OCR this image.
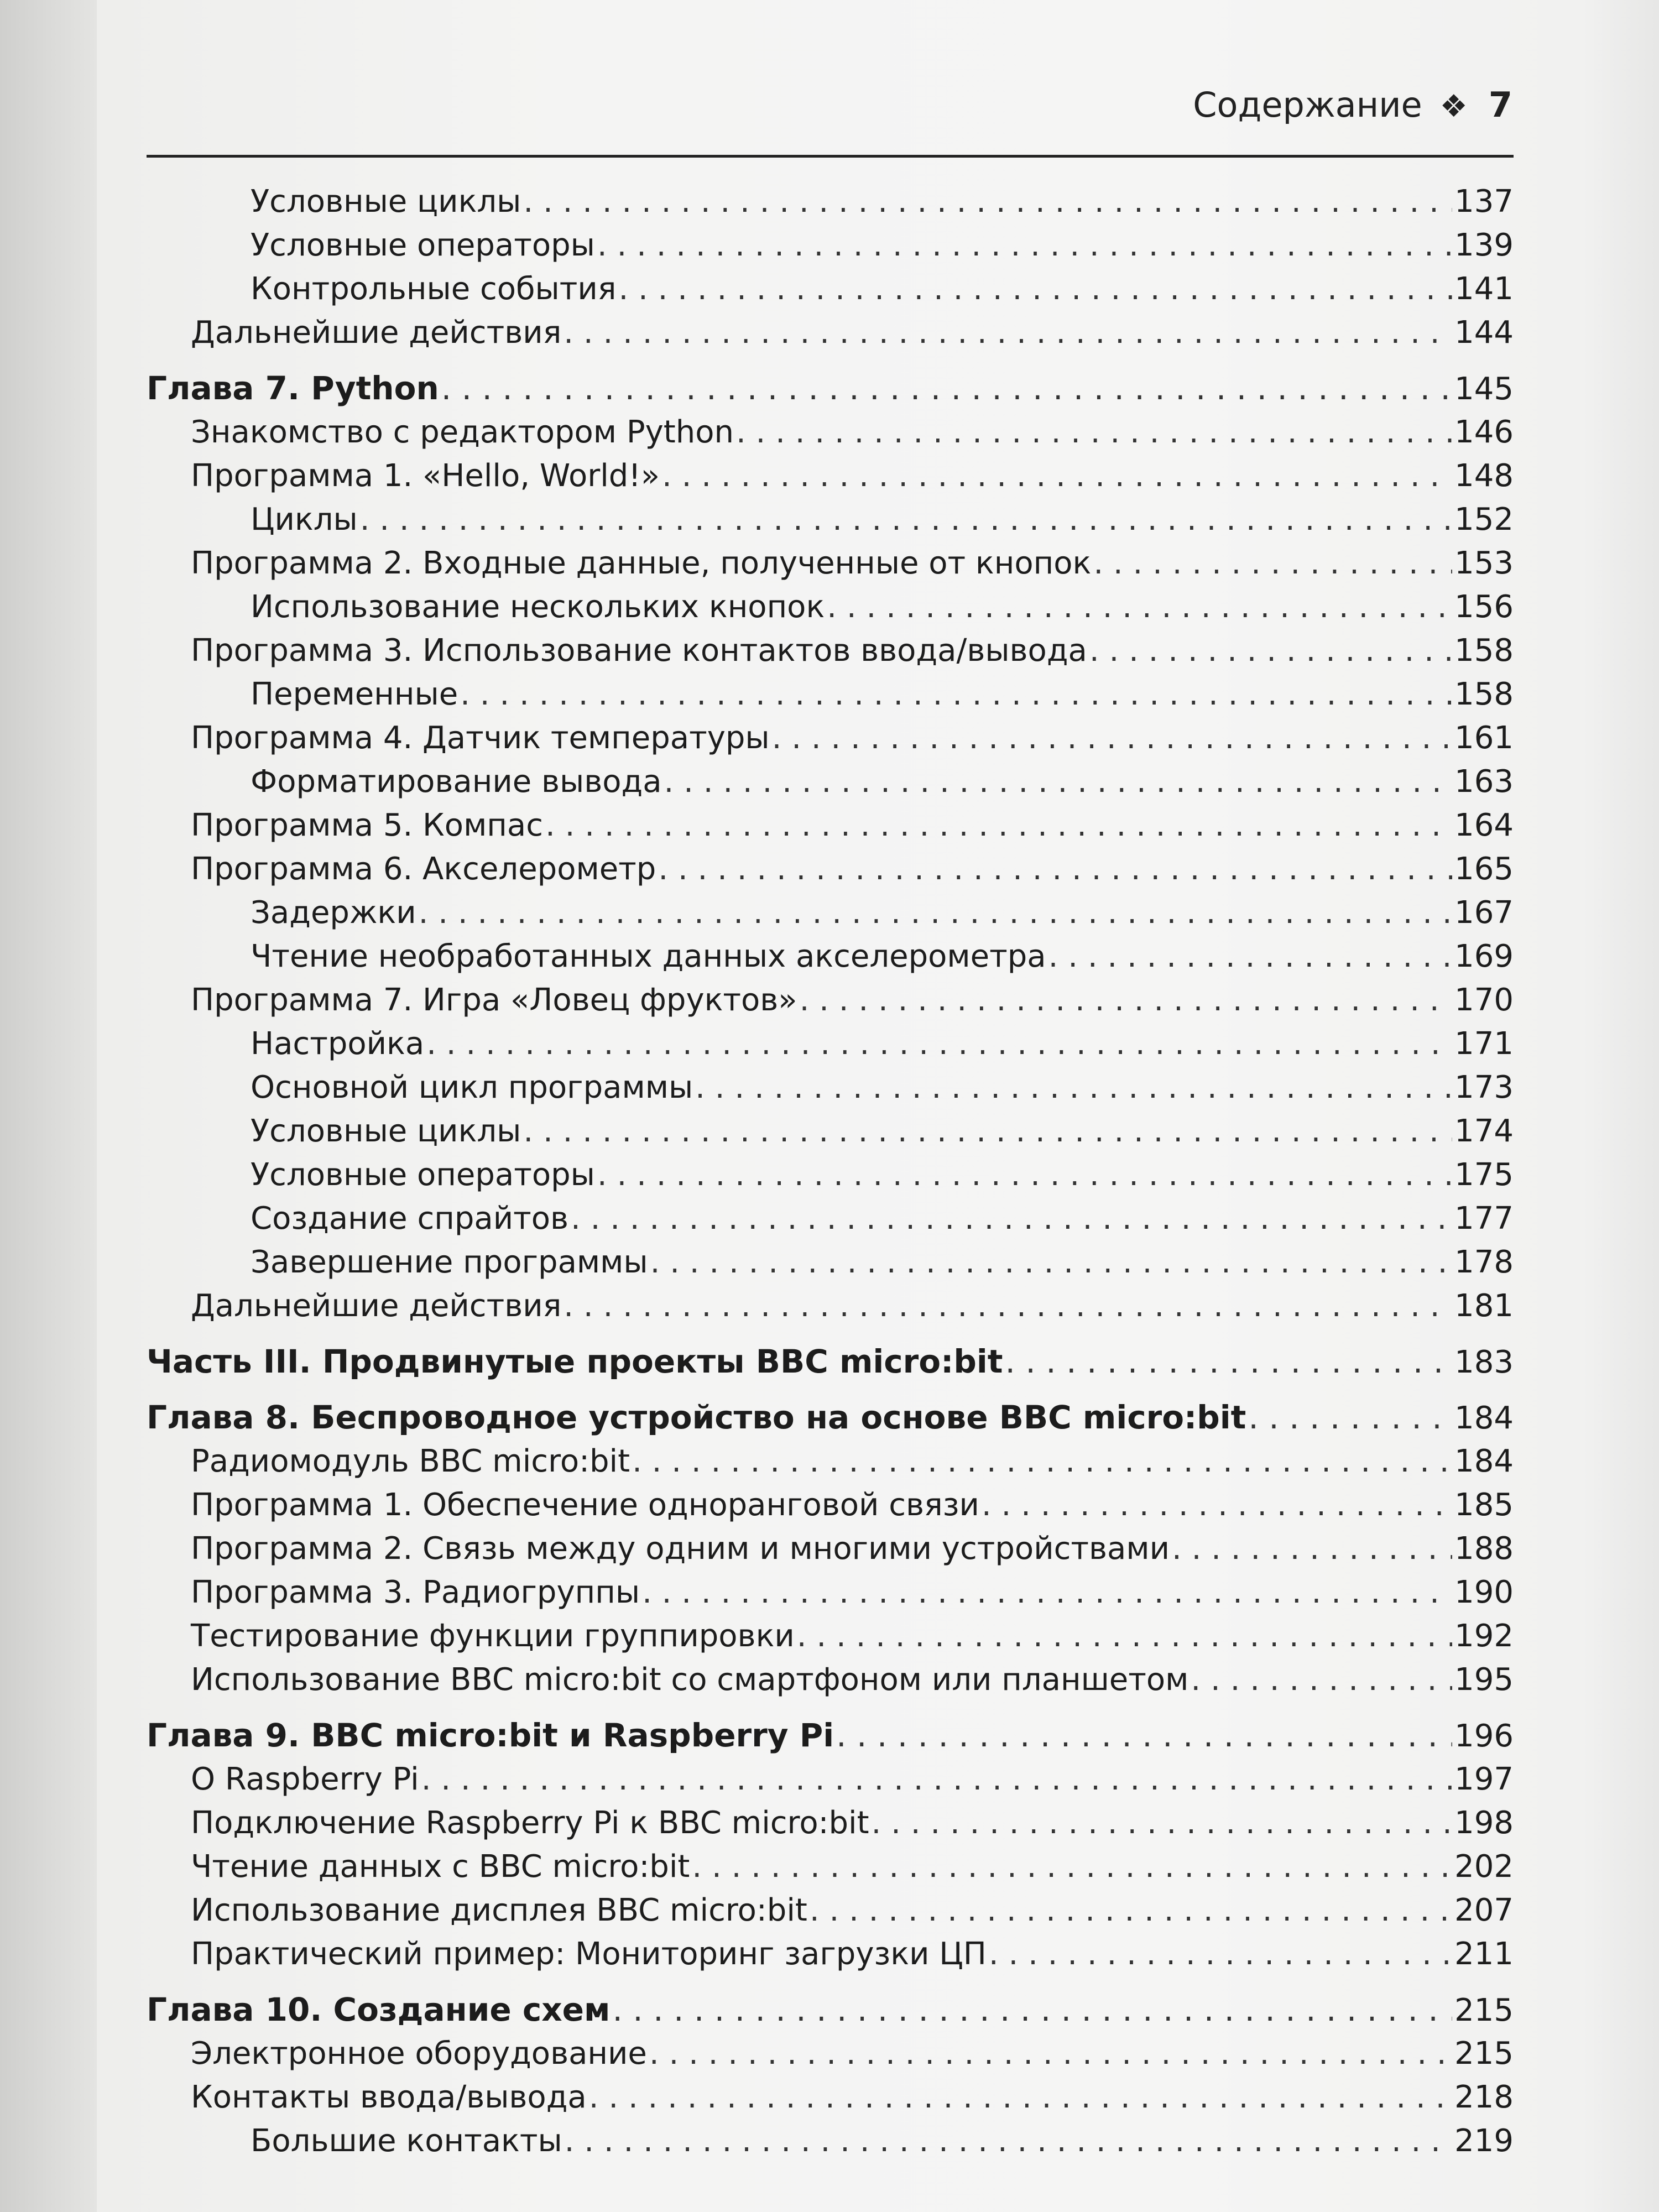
Содержание ❖ 7
Условные циклы . . .	137
Условные операторы . . .	139
Контрольные события . . .	141
Дальнейшие действия . . .	144
Глава 7. Python . . .	145
Знакомство с редактором Python . . .	146
Программа 1. «Hello, World!» . . .	148
Циклы . . .	152
Программа 2. Входные данные, полученные от кнопок . . .	153
Использование нескольких кнопок . . .	156
Программа 3. Использование контактов ввода/вывода . . .	158
Переменные . . .	158
Программа 4. Датчик температуры . . .	161
Форматирование вывода . . .	163
Программа 5. Компас . . .	164
Программа 6. Акселерометр . . .	165
Задержки . . .	167
Чтение необработанных данных акселерометра . . .	169
Программа 7. Игра «Ловец фруктов» . . .	170
Настройка . . .	171
Основной цикл программы . . .	173
Условные циклы . . .	174
Условные операторы . . .	175
Создание спрайтов . . .	177
Завершение программы . . .	178
Дальнейшие действия . . .	181
Часть III. Продвинутые проекты BBC micro:bit . . .	183
Глава 8. Беспроводное устройство на основе BBC micro:bit . . .	184
Радиомодуль BBC micro:bit . . .	184
Программа 1. Обеспечение одноранговой связи . . .	185
Программа 2. Связь между одним и многими устройствами . . .	188
Программа 3. Радиогруппы . . .	190
Тестирование функции группировки . . .	192
Использование BBC micro:bit со смартфоном или планшетом . . .	195
Глава 9. BBC micro:bit и Raspberry Pi . . .	196
О Raspberry Pi . . .	197
Подключение Raspberry Pi к BBC micro:bit . . .	198
Чтение данных с BBC micro:bit . . .	202
Использование дисплея BBC micro:bit . . .	207
Практический пример: Мониторинг загрузки ЦП . . .	211
Глава 10. Создание схем . . .	215
Электронное оборудование . . .	215
Контакты ввода/вывода . . .	218
Большие контакты . . .	219
